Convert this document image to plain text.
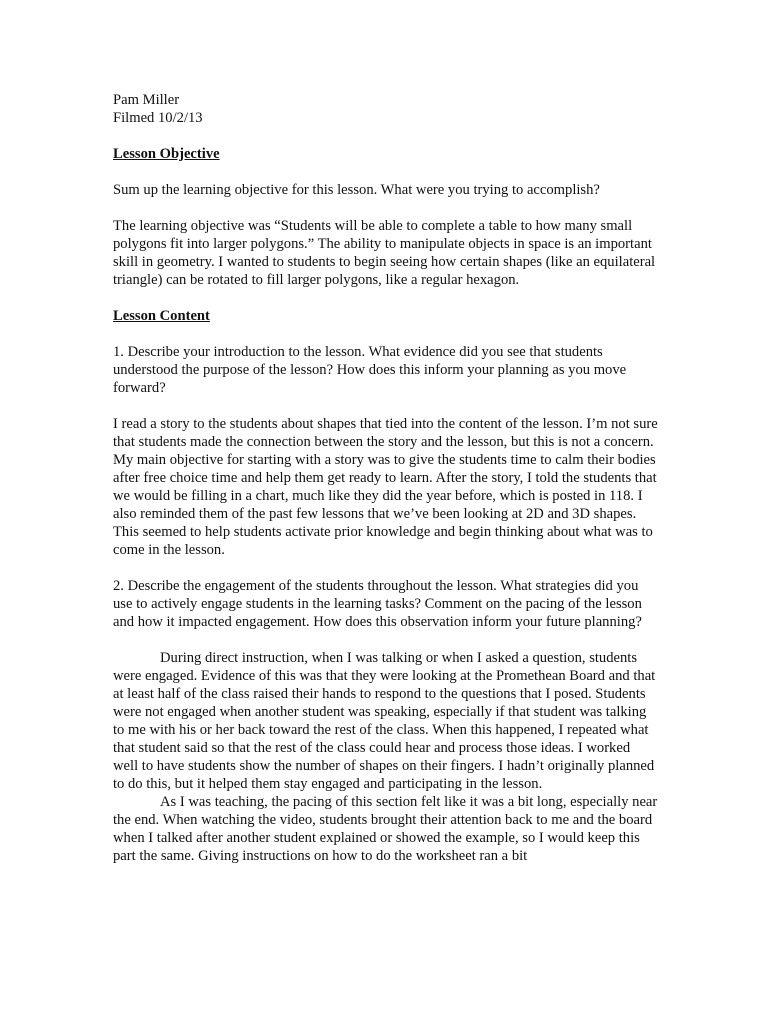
Pam Miller

Filmed 10/2/13

Lesson Objective

Sum up the learning objective for this lesson. What were you trying to accomplish?

The learning objective was “Students will be able to complete a table to how many small polygons fit into larger polygons.” The ability to manipulate objects in space is an important skill in geometry. I wanted to students to begin seeing how certain shapes (like an equilateral triangle) can be rotated to fill larger polygons, like a regular hexagon.

Lesson Content

1. Describe your introduction to the lesson. What evidence did you see that students understood the purpose of the lesson? How does this inform your planning as you move forward?

I read a story to the students about shapes that tied into the content of the lesson. I’m not sure that students made the connection between the story and the lesson, but this is not a concern. My main objective for starting with a story was to give the students time to calm their bodies after free choice time and help them get ready to learn. After the story, I told the students that we would be filling in a chart, much like they did the year before, which is posted in 118. I also reminded them of the past few lessons that we’ve been looking at 2D and 3D shapes. This seemed to help students activate prior knowledge and begin thinking about what was to come in the lesson.

2. Describe the engagement of the students throughout the lesson. What strategies did you use to actively engage students in the learning tasks? Comment on the pacing of the lesson and how it impacted engagement. How does this observation inform your future planning?

During direct instruction, when I was talking or when I asked a question, students were engaged. Evidence of this was that they were looking at the Promethean Board and that at least half of the class raised their hands to respond to the questions that I posed. Students were not engaged when another student was speaking, especially if that student was talking to me with his or her back toward the rest of the class. When this happened, I repeated what that student said so that the rest of the class could hear and process those ideas. I worked well to have students show the number of shapes on their fingers. I hadn’t originally planned to do this, but it helped them stay engaged and participating in the lesson.

As I was teaching, the pacing of this section felt like it was a bit long, especially near the end. When watching the video, students brought their attention back to me and the board when I talked after another student explained or showed the example, so I would keep this part the same. Giving instructions on how to do the worksheet ran a bit
